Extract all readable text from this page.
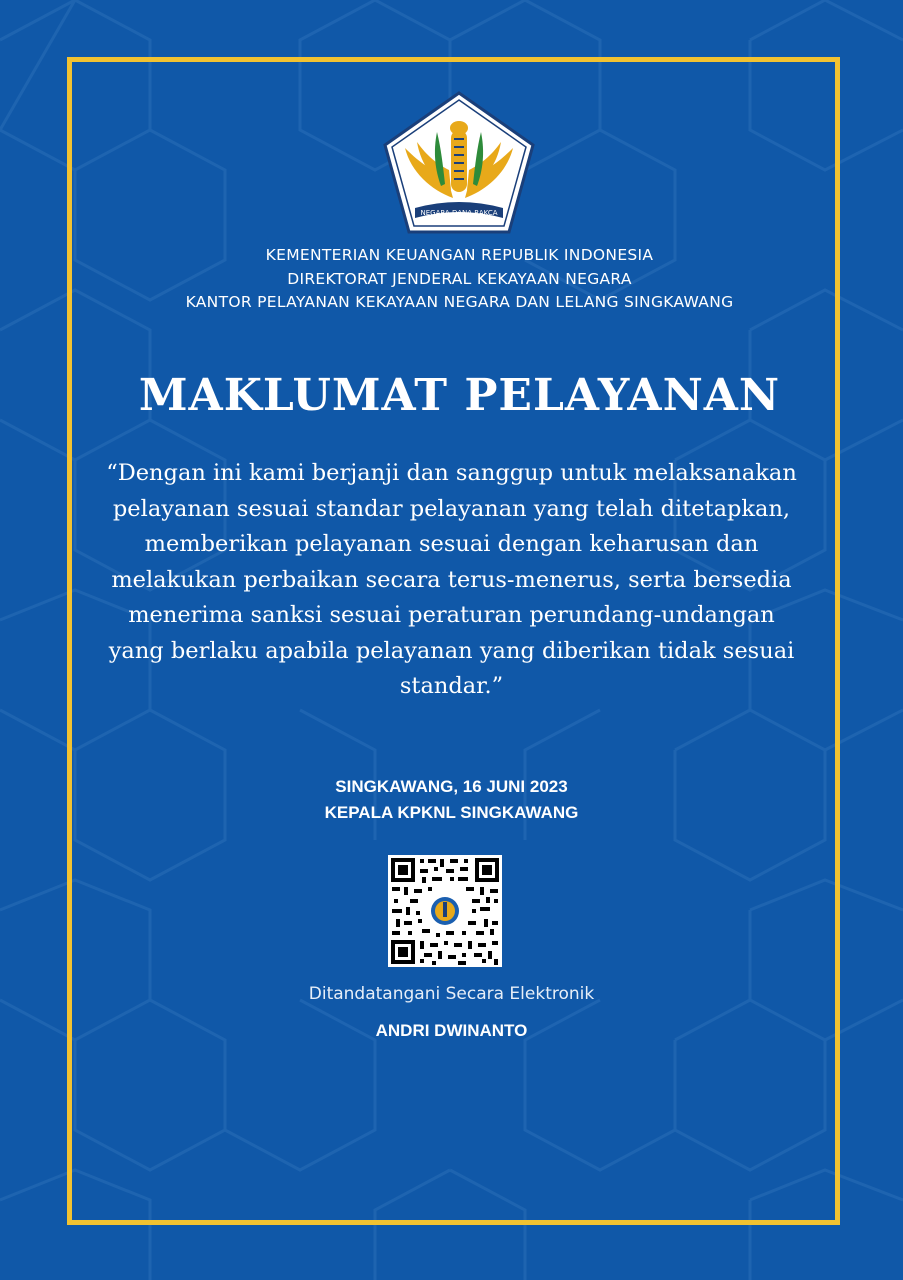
NEGARA DANA RAKCA
KEMENTERIAN KEUANGAN REPUBLIK INDONESIA
DIREKTORAT JENDERAL KEKAYAAN NEGARA
KANTOR PELAYANAN KEKAYAAN NEGARA DAN LELANG SINGKAWANG
MAKLUMAT PELAYANAN
“Dengan ini kami berjanji dan sanggup untuk melaksanakan pelayanan sesuai standar pelayanan yang telah ditetapkan, memberikan pelayanan sesuai dengan keharusan dan melakukan perbaikan secara terus-menerus, serta bersedia menerima sanksi sesuai peraturan perundang-undangan yang berlaku apabila pelayanan yang diberikan tidak sesuai standar.”
SINGKAWANG, 16 JUNI 2023
KEPALA KPKNL SINGKAWANG
Ditandatangani Secara Elektronik
ANDRI DWINANTO
